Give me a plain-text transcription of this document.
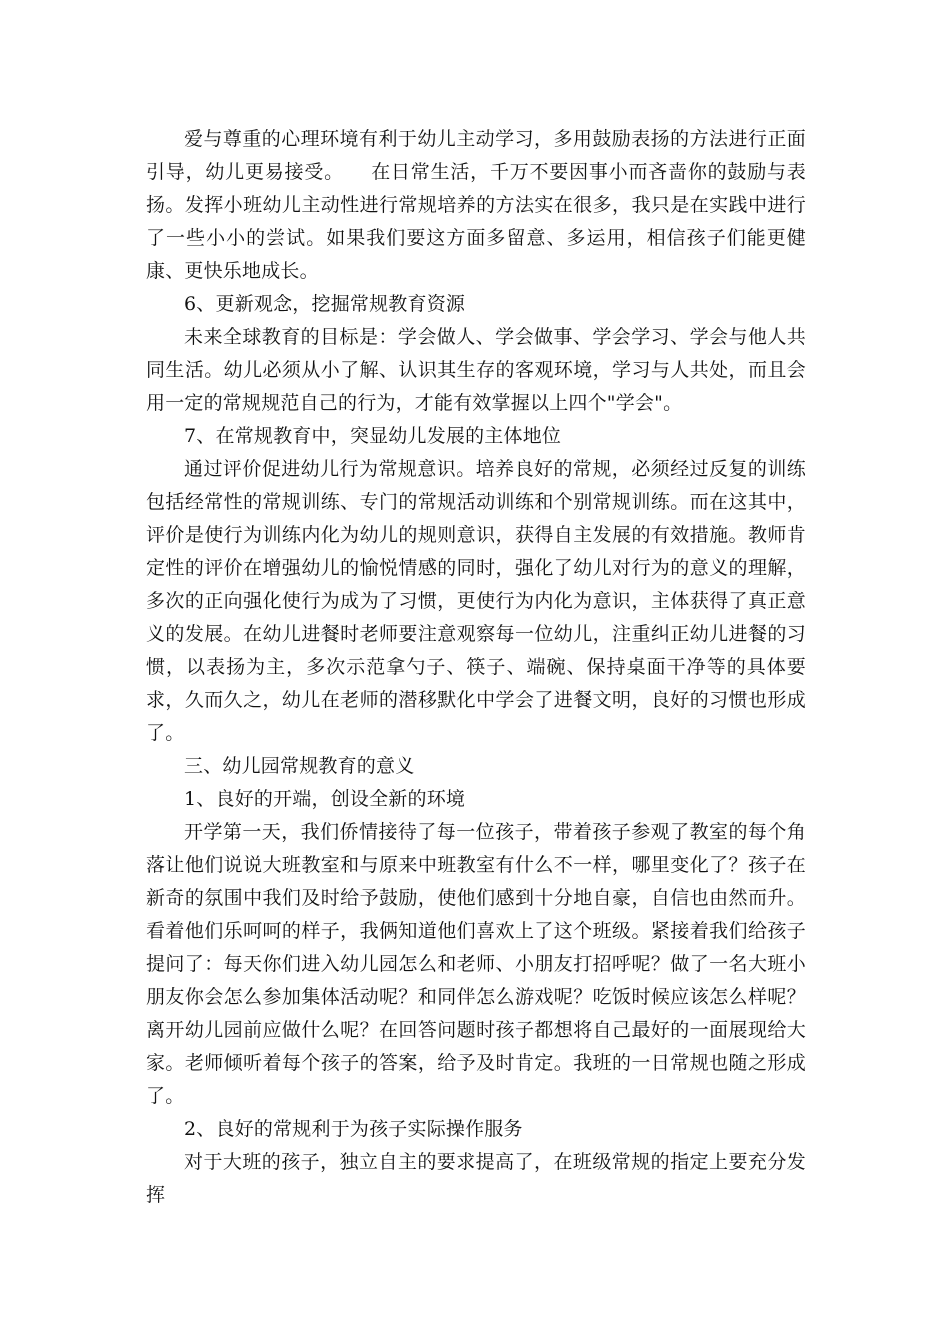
爱与尊重的心理环境有利于幼儿主动学习，多用鼓励表扬的方法进行正面引导，幼儿更易接受。    在日常生活，千万不要因事小而吝啬你的鼓励与表扬。发挥小班幼儿主动性进行常规培养的方法实在很多，我只是在实践中进行了一些小小的尝试。如果我们要这方面多留意、多运用，相信孩子们能更健康、更快乐地成长。

6、更新观念，挖掘常规教育资源

未来全球教育的目标是：学会做人、学会做事、学会学习、学会与他人共同生活。幼儿必须从小了解、认识其生存的客观环境，学习与人共处，而且会用一定的常规规范自己的行为，才能有效掌握以上四个"学会"。

7、在常规教育中，突显幼儿发展的主体地位

通过评价促进幼儿行为常规意识。培养良好的常规，必须经过反复的训练包括经常性的常规训练、专门的常规活动训练和个别常规训练。而在这其中，评价是使行为训练内化为幼儿的规则意识，获得自主发展的有效措施。教师肯定性的评价在增强幼儿的愉悦情感的同时，强化了幼儿对行为的意义的理解，多次的正向强化使行为成为了习惯，更使行为内化为意识，主体获得了真正意义的发展。在幼儿进餐时老师要注意观察每一位幼儿，注重纠正幼儿进餐的习惯，以表扬为主，多次示范拿勺子、筷子、端碗、保持桌面干净等的具体要求，久而久之，幼儿在老师的潜移默化中学会了进餐文明，良好的习惯也形成了。

三、幼儿园常规教育的意义

1、良好的开端，创设全新的环境

开学第一天，我们侨情接待了每一位孩子，带着孩子参观了教室的每个角落让他们说说大班教室和与原来中班教室有什么不一样，哪里变化了？孩子在新奇的氛围中我们及时给予鼓励，使他们感到十分地自豪，自信也由然而升。看着他们乐呵呵的样子，我俩知道他们喜欢上了这个班级。紧接着我们给孩子提问了：每天你们进入幼儿园怎么和老师、小朋友打招呼呢？做了一名大班小朋友你会怎么参加集体活动呢？和同伴怎么游戏呢？吃饭时候应该怎么样呢？离开幼儿园前应做什么呢？在回答问题时孩子都想将自己最好的一面展现给大家。老师倾听着每个孩子的答案，给予及时肯定。我班的一日常规也随之形成了。

2、良好的常规利于为孩子实际操作服务

对于大班的孩子，独立自主的要求提高了，在班级常规的指定上要充分发挥
